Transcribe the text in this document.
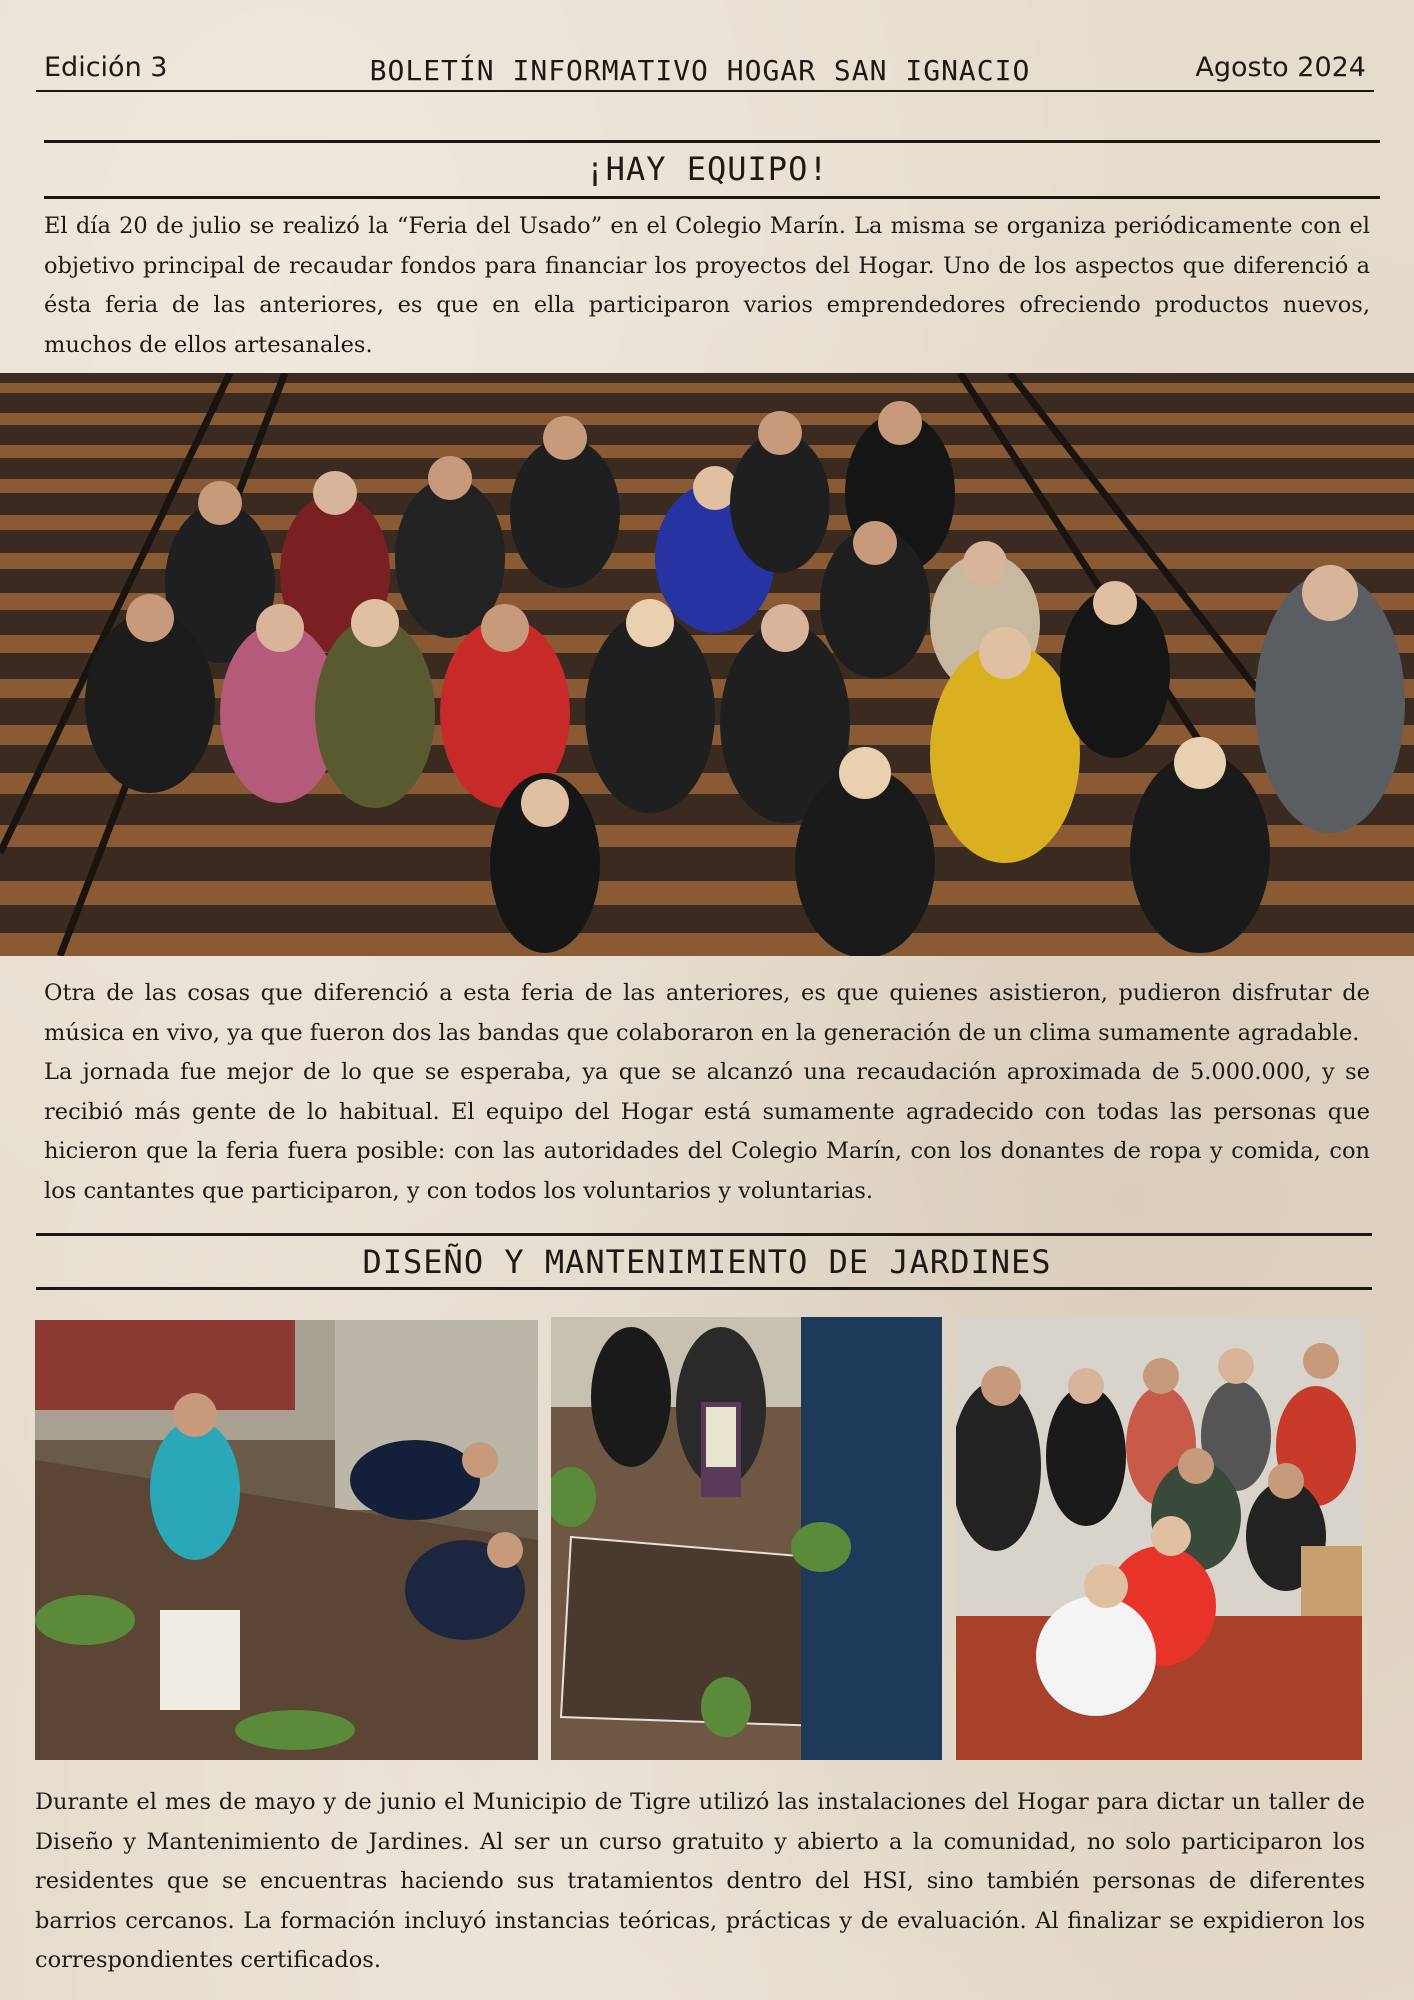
Edición 3	BOLETÍN INFORMATIVO HOGAR SAN IGNACIO	Agosto 2024
¡HAY EQUIPO!

El día 20 de julio se realizó la “Feria del Usado” en el Colegio Marín. La misma se organiza periódicamente con el objetivo principal de recaudar fondos para financiar los proyectos del Hogar. Uno de los aspectos que diferenció a ésta feria de las anteriores, es que en ella participaron varios emprendedores ofreciendo productos nuevos, muchos de ellos artesanales.

Otra de las cosas que diferenció a esta feria de las anteriores, es que quienes asistieron, pudieron disfrutar de música en vivo, ya que fueron dos las bandas que colaboraron en la generación de un clima sumamente agradable.

La jornada fue mejor de lo que se esperaba, ya que se alcanzó una recaudación aproximada de 5.000.000, y se recibió más gente de lo habitual. El equipo del Hogar está sumamente agradecido con todas las personas que hicieron que la feria fuera posible: con las autoridades del Colegio Marín, con los donantes de ropa y comida, con los cantantes que participaron, y con todos los voluntarios y voluntarias.

DISEÑO Y MANTENIMIENTO DE JARDINES

Durante el mes de mayo y de junio el Municipio de Tigre utilizó las instalaciones del Hogar para dictar un taller de Diseño y Mantenimiento de Jardines. Al ser un curso gratuito y abierto a la comunidad, no solo participaron los residentes que se encuentras haciendo sus tratamientos dentro del HSI, sino también personas de diferentes barrios cercanos. La formación incluyó instancias teóricas, prácticas y de evaluación. Al finalizar se expidieron los correspondientes certificados.
